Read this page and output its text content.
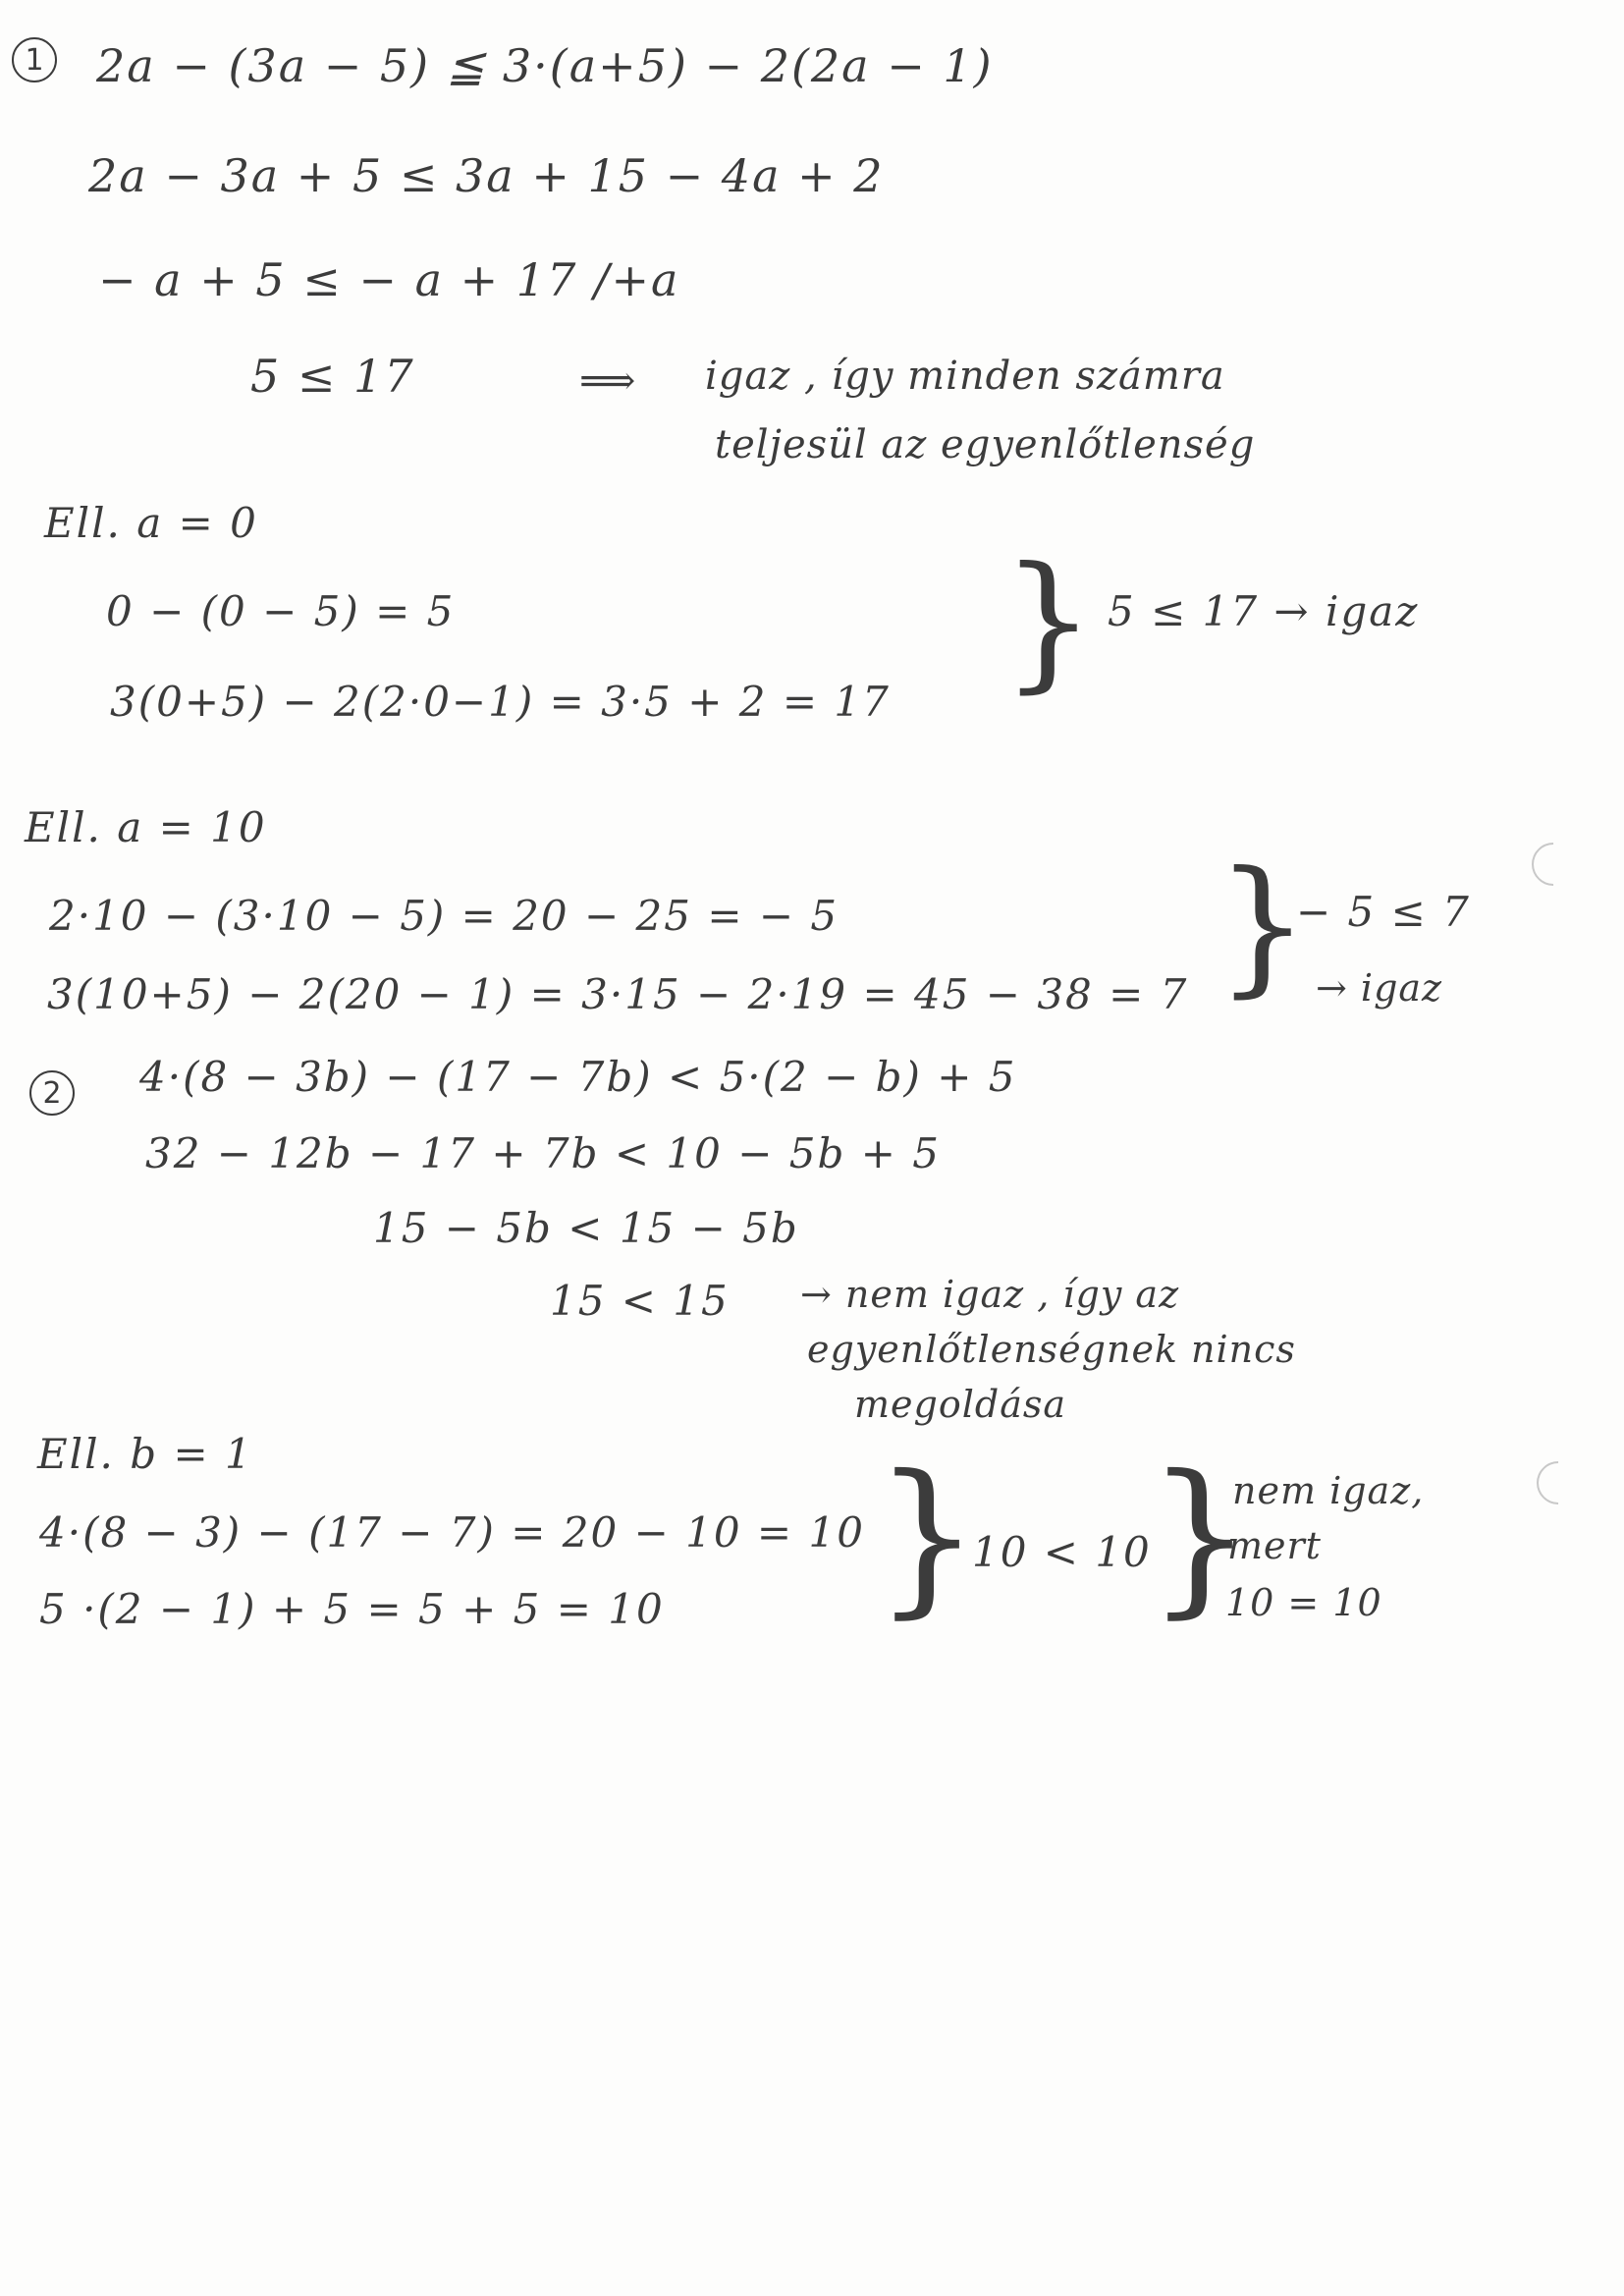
1 2a − (3a − 5) ≦ 3·(a+5) − 2(2a − 1)
2a − 3a + 5 ≤ 3a + 15 − 4a + 2
− a + 5 ≤ − a + 17 /+a
5 ≤ 17	⟹ igaz , így minden számra
teljesül az egyenlőtlenség
Ell. a = 0
0 − (0 − 5) = 5
3(0+5) − 2(2·0−1) = 3·5 + 2 = 17 } 5 ≤ 17 → igaz
Ell. a = 10
2·10 − (3·10 − 5) = 20 − 25 = − 5
3(10+5) − 2(20 − 1) = 3·15 − 2·19 = 45 − 38 = 7 }
− 5 ≤ 7
→ igaz
2 4·(8 − 3b) − (17 − 7b) < 5·(2 − b) + 5
32 − 12b − 17 + 7b < 10 − 5b + 5
15 − 5b < 15 − 5b
15 < 15 → nem igaz , így az
egyenlőtlenségnek nincs
megoldása
Ell. b = 1
4·(8 − 3) − (17 − 7) = 20 − 10 = 10
5 ·(2 − 1) + 5 = 5 + 5 = 10 }
10 < 10
}
nem igaz,
mert
10 = 10
